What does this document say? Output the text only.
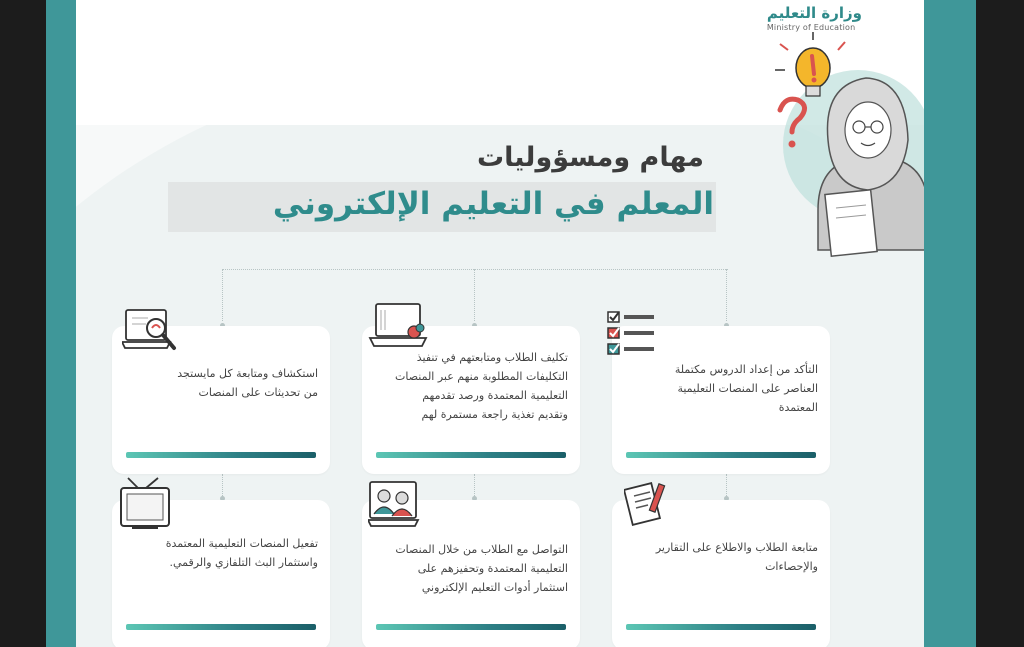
وزارة التعليم
Ministry of Education
مهام ومسؤوليات
المعلم في التعليم الإلكتروني
التأكد من إعداد الدروس مكتملة
العناصر على المنصات التعليمية
المعتمدة
تكليف الطلاب ومتابعتهم في تنفيذ
التكليفات المطلوبة منهم عبر المنصات
التعليمية المعتمدة ورصد تقدمهم
وتقديم تغذية راجعة مستمرة لهم
استكشاف ومتابعة كل مايستجد
من تحديثات على المنصات
متابعة الطلاب والاطلاع على التقارير
والإحصاءات
التواصل مع الطلاب من خلال المنصات
التعليمية المعتمدة وتحفيزهم على
استثمار أدوات التعليم الإلكتروني
تفعيل المنصات التعليمية المعتمدة
واستثمار البث التلفازي والرقمي.
